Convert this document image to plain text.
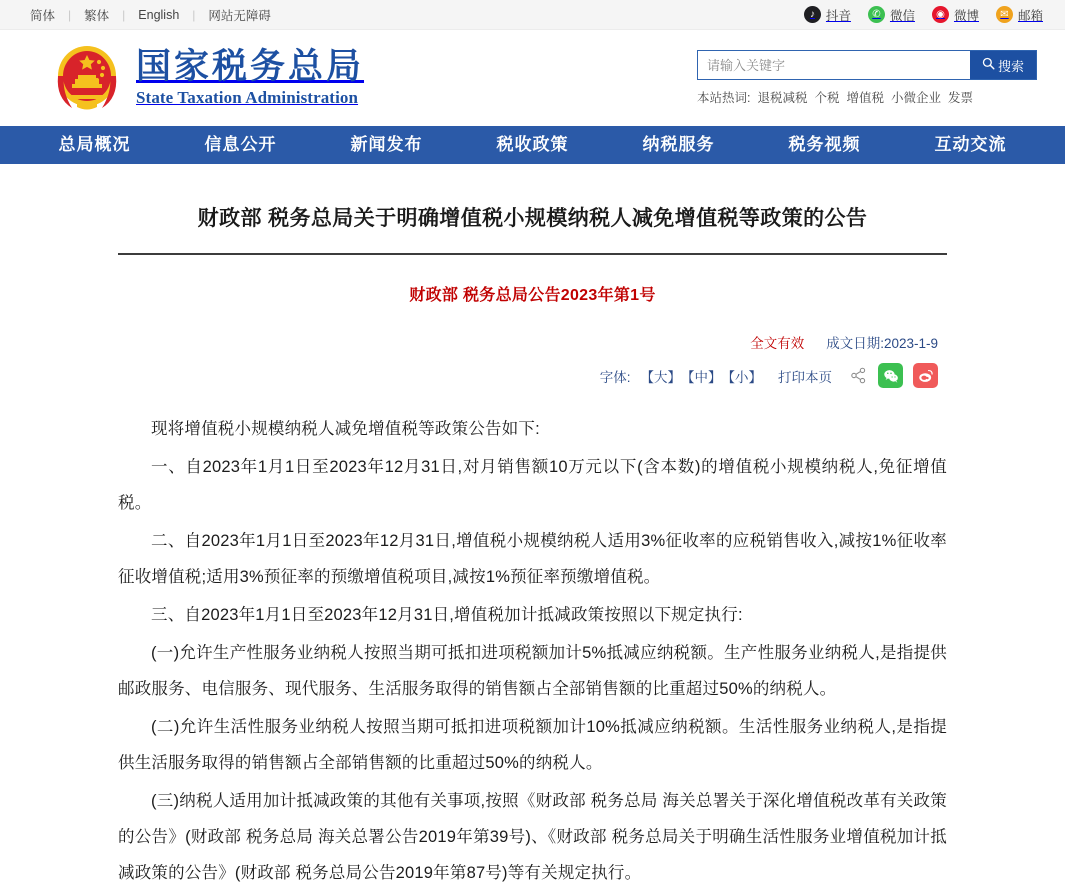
简体	|	繁体	|	English	|	网站无障碍	♪ 抖音	✆ 微信	◉ 微博	✉ 邮箱
国家税务总局
State Taxation Administration
请输入关键字
搜索
本站热词: 退税减税 个税 增值税 小微企业 发票
总局概况	信息公开	新闻发布	税收政策	纳税服务	税务视频	互动交流
财政部 税务总局关于明确增值税小规模纳税人减免增值税等政策的公告
财政部 税务总局公告2023年第1号
全文有效 成文日期:2023-1-9
字体: 【大】 【中】 【小】 打印本页

现将增值税小规模纳税人减免增值税等政策公告如下:

一、自2023年1月1日至2023年12月31日,对月销售额10万元以下(含本数)的增值税小规模纳税人,免征增值税。

二、自2023年1月1日至2023年12月31日,增值税小规模纳税人适用3%征收率的应税销售收入,减按1%征收率征收增值税;适用3%预征率的预缴增值税项目,减按1%预征率预缴增值税。

三、自2023年1月1日至2023年12月31日,增值税加计抵减政策按照以下规定执行:

(一)允许生产性服务业纳税人按照当期可抵扣进项税额加计5%抵减应纳税额。生产性服务业纳税人,是指提供邮政服务、电信服务、现代服务、生活服务取得的销售额占全部销售额的比重超过50%的纳税人。

(二)允许生活性服务业纳税人按照当期可抵扣进项税额加计10%抵减应纳税额。生活性服务业纳税人,是指提供生活服务取得的销售额占全部销售额的比重超过50%的纳税人。

(三)纳税人适用加计抵减政策的其他有关事项,按照《财政部 税务总局 海关总署关于深化增值税改革有关政策的公告》(财政部 税务总局 海关总署公告2019年第39号)、《财政部 税务总局关于明确生活性服务业增值税加计抵减政策的公告》(财政部 税务总局公告2019年第87号)等有关规定执行。
